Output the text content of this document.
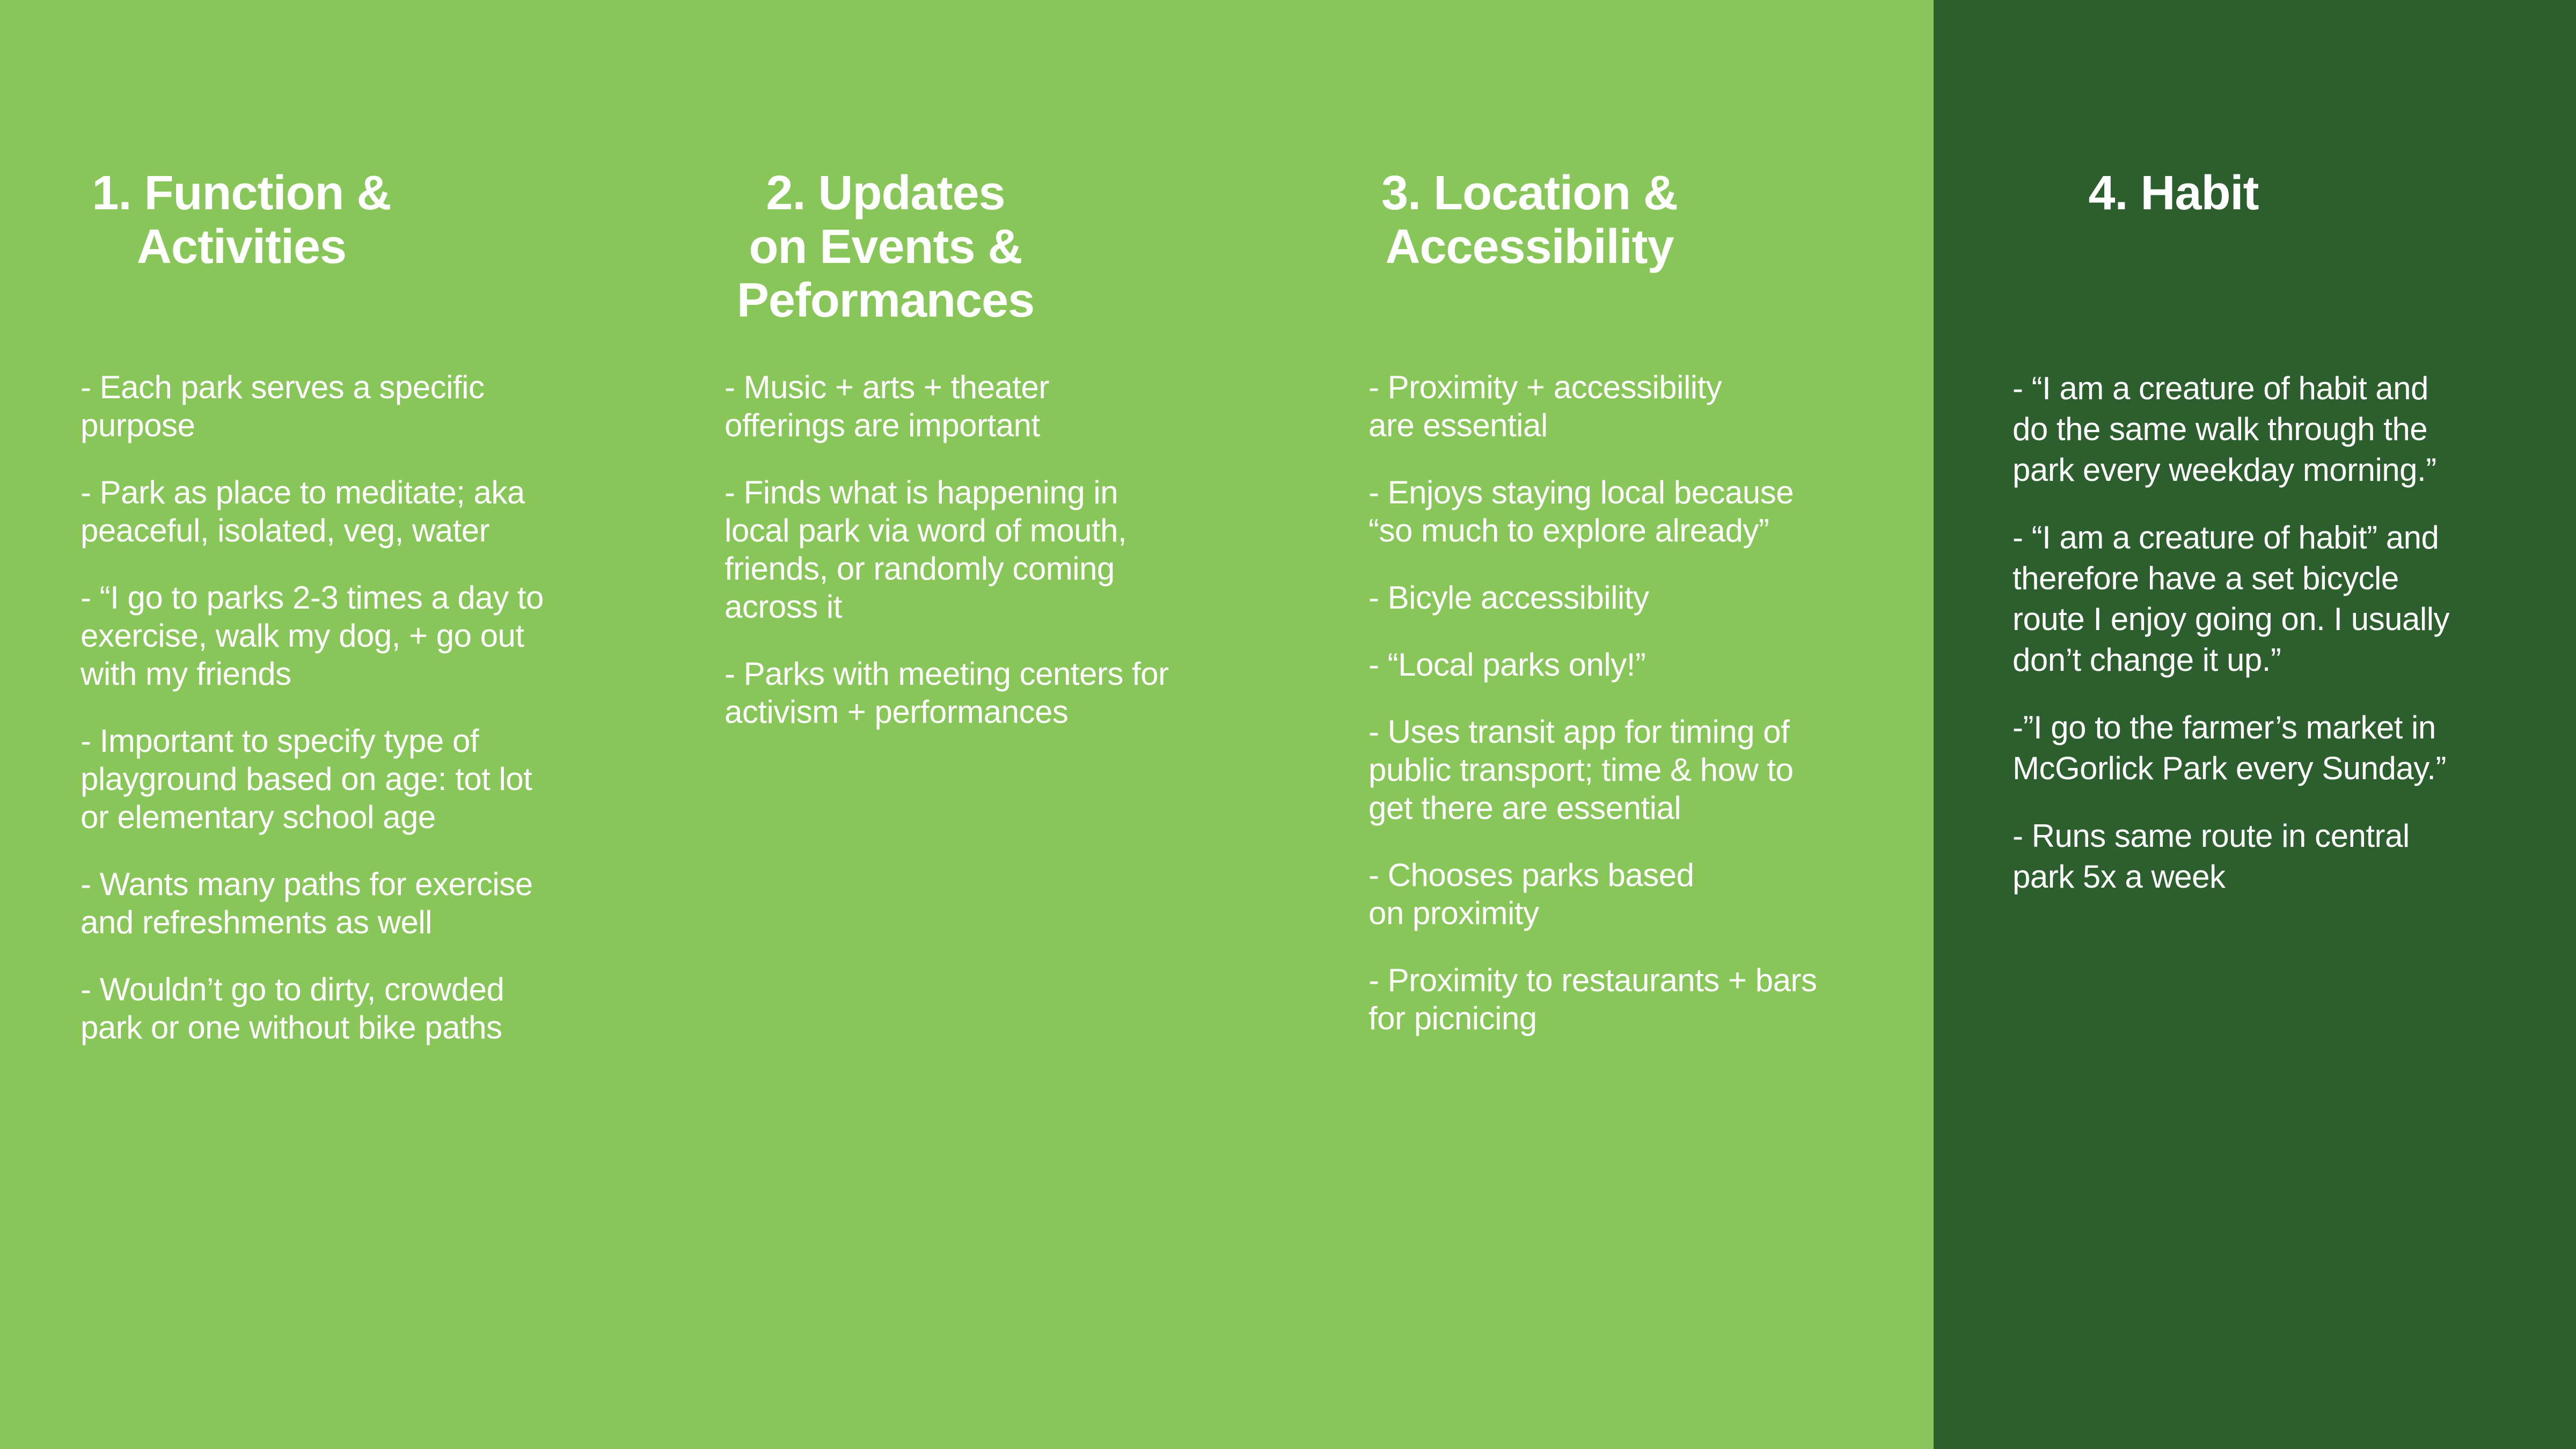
1. Function &
Activities
- Each park serves a specific
purpose
- Park as place to meditate; aka
peaceful, isolated, veg, water
- “I go to parks 2-3 times a day to
exercise, walk my dog, + go out
with my friends
- Important to specify type of
playground based on age: tot lot
or elementary school age
- Wants many paths for exercise
and refreshments as well
- Wouldn’t go to dirty, crowded
park or one without bike paths
2. Updates
on Events &
Peformances
- Music + arts + theater
offerings are important
- Finds what is happening in
local park via word of mouth,
friends, or randomly coming
across it
- Parks with meeting centers for
activism + performances
3. Location &
Accessibility
- Proximity + accessibility
are essential
- Enjoys staying local because
“so much to explore already”
- Bicyle accessibility
- “Local parks only!”
- Uses transit app for timing of
public transport; time & how to
get there are essential
- Chooses parks based
on proximity
- Proximity to restaurants + bars
for picnicing
4. Habit
- “I am a creature of habit and
do the same walk through the
park every weekday morning.”
- “I am a creature of habit” and
therefore have a set bicycle
route I enjoy going on. I usually
don’t change it up.”
-”I go to the farmer’s market in
McGorlick Park every Sunday.”
- Runs same route in central
park 5x a week
